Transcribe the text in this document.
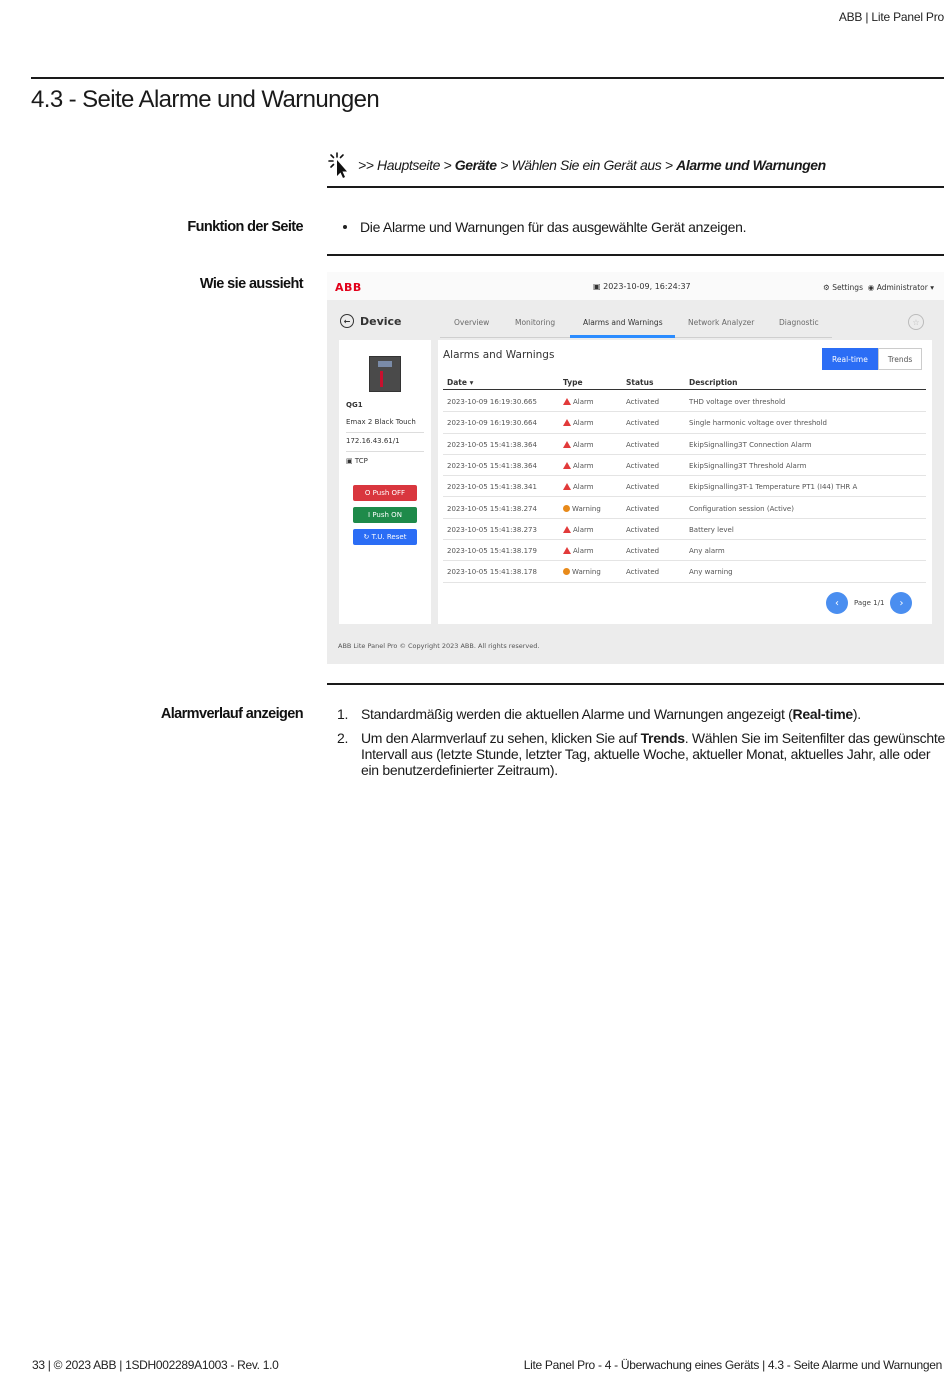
ABB | Lite Panel Pro
4.3 - Seite Alarme und Warnungen
>> Hauptseite > Geräte > Wählen Sie ein Gerät aus > Alarme und Warnungen
Funktion der Seite	Die Alarme und Warnungen für das ausgewählte Gerät anzeigen.
Wie sie aussieht	ABB	▣ 2023-10-09, 16:24:37	⚙ Settings ◉ Administrator ▾
← Device	Overview	Monitoring	Alarms and Warnings	Network Analyzer	Diagnostic	☆
QG1
Emax 2 Black Touch
172.16.43.61/1
▣ TCP
O Push OFF
I Push ON
↻ T.U. Reset
Alarms and Warnings	Real-time	Trends
Date ▾	Type	Status	Description
2023-10-09 16:19:30.665	Alarm	Activated	THD voltage over threshold
2023-10-09 16:19:30.664	Alarm	Activated	Single harmonic voltage over threshold
2023-10-05 15:41:38.364	Alarm	Activated	EkipSignalling3T Connection Alarm
2023-10-05 15:41:38.364	Alarm	Activated	EkipSignalling3T Threshold Alarm
2023-10-05 15:41:38.341	Alarm	Activated	EkipSignalling3T-1 Temperature PT1 (I44) THR A
2023-10-05 15:41:38.274	Warning	Activated	Configuration session (Active)
2023-10-05 15:41:38.273	Alarm	Activated	Battery level
2023-10-05 15:41:38.179	Alarm	Activated	Any alarm
2023-10-05 15:41:38.178	Warning	Activated	Any warning
‹ Page 1/1 ›
ABB Lite Panel Pro © Copyright 2023 ABB. All rights reserved.
Alarmverlauf anzeigen 1. Standardmäßig werden die aktuellen Alarme und Warnungen angezeigt (Real-time).
2. Um den Alarmverlauf zu sehen, klicken Sie auf Trends. Wählen Sie im Seitenfilter das gewünschte Intervall aus (letzte Stunde, letzter Tag, aktuelle Woche, aktueller Monat, aktuelles Jahr, alle oder ein benutzerdefinierter Zeitraum).
33 | © 2023 ABB | 1SDH002289A1003 - Rev. 1.0	Lite Panel Pro - 4 - Überwachung eines Geräts | 4.3 - Seite Alarme und Warnungen
